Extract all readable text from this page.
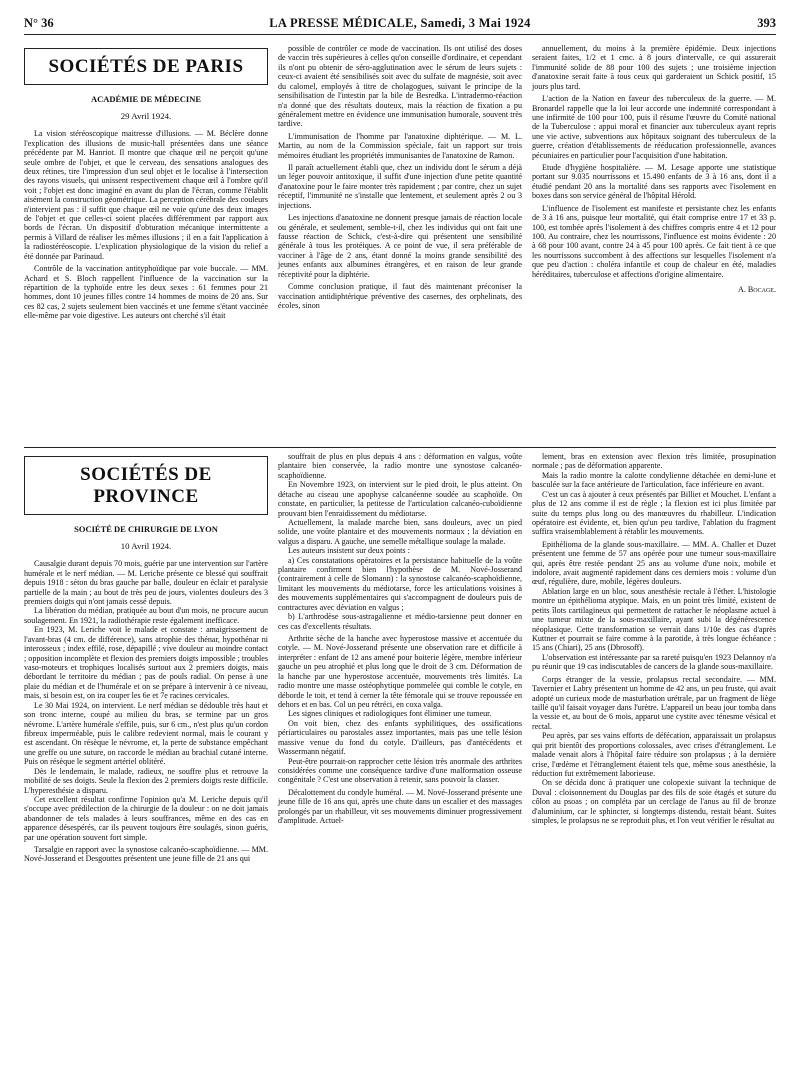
N° 36	LA PRESSE MÉDICALE, Samedi, 3 Mai 1924	393
SOCIÉTÉS DE PARIS
ACADÉMIE DE MÉDECINE
29 Avril 1924.

La vision stéréoscopique maitresse d'illusions. — M. Béclère donne l'explication des illusions de music-hall présentées dans une séance précédente par M. Hanriot. Il montre que chaque œil ne perçoit qu'une seule ombre de l'objet, et que le cerveau, des sensations analogues des deux rétines, tire l'impression d'un seul objet et le localise à l'intersection des rayons visuels, qui unissent respectivement chaque œil à l'ombre qu'il voit ; l'objet est donc imaginé en avant du plan de l'écran, comme l'établit aisément la construction géométrique. La perception cérébrale des couleurs n'intervient pas : il suffit que chaque œil ne voie qu'une des deux images de l'objet et que celles-ci soient placées différemment par rapport aux bords de l'écran. Un dispositif d'obturation mécanique intermittente a permis à Villard de réaliser les mêmes illusions ; il en a fait l'application à la radiostéréoscopie. L'explication physiologique de la vision du relief a été donnée par Parinaud.

Contrôle de la vaccination antityphoïdique par voie buccale. — MM. Achard et S. Bloch rappellent l'influence de la vaccination sur la répartition de la typhoïde entre les deux sexes : 61 femmes pour 21 hommes, dont 10 jeunes filles contre 14 hommes de moins de 20 ans. Sur ces 82 cas, 2 sujets seulement bien vaccinés et une femme s'étant vaccinée elle-même par voie digestive. Les auteurs ont cherché s'il était

possible de contrôler ce mode de vaccination. Ils ont utilisé des doses de vaccin très supérieures à celles qu'on conseille d'ordinaire, et cependant ils n'ont pu obtenir de séro-agglutination avec le sérum de leurs sujets : ceux-ci avaient été sensibilisés soit avec du sulfate de magnésie, soit avec du calomel, employés à titre de cholagogues, suivant le principe de la sensibilisation de l'intestin par la bile de Besredka. L'intradermo-réaction n'a donné que des résultats douteux, mais la réaction de fixation a pu généralement mettre en évidence une immunisation humorale, souvent très tardive.

L'immunisation de l'homme par l'anatoxine diphtérique. — M. L. Martin, au nom de la Commission spéciale, fait un rapport sur trois mémoires étudiant les propriétés immunisantes de l'anatoxine de Ramon.

Il paraît actuellement établi que, chez un individu dont le sérum a déjà un léger pouvoir antitoxique, il suffit d'une injection d'une petite quantité d'anatoxine pour le faire monter très rapidement ; par contre, chez un sujet réceptif, l'immunité ne s'installe que lentement, et seulement après 2 ou 3 injections.

Les injections d'anatoxine ne donnent presque jamais de réaction locale ou générale, et seulement, semble-t-il, chez les individus qui ont fait une fausse réaction de Schick, c'est-à-dire qui présentent une sensibilité générale à tous les protéiques. A ce point de vue, il sera préférable de vacciner à l'âge de 2 ans, étant donné la moins grande sensibilité des jeunes enfants aux albumines étrangères, et en raison de leur grande réceptivité pour la diphtérie.

Comme conclusion pratique, il faut dès maintenant préconiser la vaccination antidiphtérique préventive des casernes, des orphelinats, des écoles, sinon

annuellement, du moins à la première épidémie. Deux injections seraient faites, 1/2 et 1 cmc. à 8 jours d'intervalle, ce qui assurerait l'immunité solide de 88 pour 100 des sujets ; une troisième injection d'anatoxine serait faite à tous ceux qui garderaient un Schick positif, 15 jours plus tard.

L'action de la Nation en faveur des tuberculeux de la guerre. — M. Bronardel rappelle que la loi leur accorde une indemnité correspondant à une infirmité de 100 pour 100, puis il résume l'œuvre du Comité national de la Tuberculose : appui moral et financier aux tuberculeux ayant repris une vie active, subventions aux hôpitaux soignant des tuberculeux de la guerre, création d'établissements de rééducation professionnelle, avances pécuniaires en particulier pour l'acquisition d'une habitation.

Etude d'hygiène hospitalière. — M. Lesage apporte une statistique portant sur 9.035 nourrissons et 15.490 enfants de 3 à 16 ans, dont il a étudié pendant 20 ans la mortalité dans ses rapports avec l'isolement en boxes dans son service général de l'hôpital Hérold.

L'influence de l'isolement est manifeste et persistante chez les enfants de 3 à 16 ans, puisque leur mortalité, qui était comprise entre 17 et 33 p. 100, est tombée après l'isolement à des chiffres compris entre 4 et 12 pour 100. Au contraire, chez les nourrissons, l'influence est moins évidente : 20 à 68 pour 100 avant, contre 24 à 45 pour 100 après. Ce fait tient à ce que les nourrissons succombent à des affections sur lesquelles l'isolement n'a que peu d'action : choléra infantile et coup de chaleur en été, maladies héréditaires, tuberculose et affections d'origine alimentaire.

A. Bocage.
SOCIÉTÉS DE PROVINCE
SOCIÉTÉ DE CHIRURGIE DE LYON
10 Avril 1924.

Causalgie durant depuis 70 mois, guérie par une intervention sur l'artère humérale et le nerf médian. — M. Leriche présente ce blessé qui souffrait depuis 1918 : séton du bras gauche par balle, douleur en éclair et paralysie partielle de la main ; au bout de très peu de jours, violentes douleurs des 3 premiers doigts qui n'ont jamais cessé depuis.

La libération du médian, pratiquée au bout d'un mois, ne procure aucun soulagement. En 1921, la radiothérapie reste également inefficace.

En 1923, M. Leriche voit le malade et constate : amaigrissement de l'avant-bras (4 cm. de différence), sans atrophie des thénar, hypothénar ni interosseux ; index effilé, rose, dépapillé ; vive douleur au moindre contact ; opposition incomplète et flexion des premiers doigts impossible ; troubles vaso-moteurs et trophiques localisés surtout aux 2 premiers doigts, mais débordant le territoire du médian ; pas de pouls radial. On pense à une plaie du médian et de l'humérale et on se prépare à intervenir à ce niveau, mais, si besoin est, on ira couper les 6e et 7e racines cervicales.

Le 30 Mai 1924, on intervient. Le nerf médian se dédouble très haut et son tronc interne, coupé au milieu du bras, se termine par un gros névrome. L'artère humérale s'effile, puis, sur 6 cm., n'est plus qu'un cordon fibreux imperméable, puis le calibre redevient normal, mais le courant y est ascendant. On résèque le névrome, et, la perte de substance empêchant une greffe ou une suture, on raccorde le médian au brachial cutané interne. Puis on résèque le segment artériel oblitéré.

Dès le lendemain, le malade, radieux, ne souffre plus et retrouve la mobilité de ses doigts. Seule la flexion des 2 premiers doigts reste difficile. L'hyperesthésie a disparu.

Cet excellent résultat confirme l'opinion qu'a M. Leriche depuis qu'il s'occupe avec prédilection de la chirurgie de la douleur : on ne doit jamais abandonner de tels malades à leurs souffrances, même en des cas en apparence désespérés, car ils peuvent toujours être soulagés, sinon guéris, par une opération souvent fort simple.

Tarsalgie en rapport avec la synostose calcanéo-scaphoïdienne. — MM. Nové-Josserand et Desgouttes présentent une jeune fille de 21 ans qui

souffrait de plus en plus depuis 4 ans : déformation en valgus, voûte plantaire bien conservée, la radio montre une synostose calcanéo-scaphoïdienne.

En Novembre 1923, on intervient sur le pied droit, le plus atteint. On détache au ciseau une apophyse calcanéenne soudée au scaphoïde. On constate, en particulier, la petitesse de l'articulation calcanéo-cuboïdienne prouvant bien l'enraidissement du médiotarse.

Actuellement, la malade marche bien, sans douleurs, avec un pied solide, une voûte plantaire et des mouvements normaux ; la déviation en valgus a disparu. A gauche, une semelle métallique soulage la malade.

Les auteurs insistent sur deux points :

a) Ces constatations opératoires et la persistance habituelle de la voûte plantaire confirment bien l'hypothèse de M. Nové-Josserand (contrairement à celle de Slomann) : la synostose calcanéo-scaphoïdienne, limitant les mouvements du médiotarse, force les articulations voisines à des mouvements supplémentaires qui s'accompagnent de douleurs puis de contractures avec déviation en valgus ;

b) L'arthrodèse sous-astragalienne et médio-tarsienne peut donner en ces cas d'excellents résultats.

Arthrite sèche de la hanche avec hyperostose massive et accentuée du cotyle. — M. Nové-Josserand présente une observation rare et difficile à interpréter : enfant de 12 ans amené pour boiterie légère, membre inférieur gauche un peu atrophié et plus long que le droit de 3 cm. Déformation de la hanche par une hyperostose accentuée, mouvements très limités. La radio montre une masse ostéophytique pommelée qui comble le cotyle, en déborde le toit, et tend à cerner la tête fémorale qui se trouve repoussée en dehors et en bas. Col un peu rétréci, en coxa valga.

Les signes cliniques et radiologiques font éliminer une tumeur.

On voit bien, chez des enfants syphilitiques, des ossifications périarticulaires ou parostales assez importantes, mais pas une telle lésion massive venue du fond du cotyle. D'ailleurs, pas d'antécédents et Wassermann négatif.

Peut-être pourrait-on rapprocher cette lésion très anormale des arthrites considérées comme une conséquence tardive d'une malformation osseuse congénitale ? C'est une observation à retenir, sans pouvoir la classer.

Décalottement du condyle huméral. — M. Nové-Josserand présente une jeune fille de 16 ans qui, après une chute dans un escalier et des massages prolongés par un rhabilleur, vit ses mouvements diminuer progressivement d'amplitude. Actuel-

lement, bras en extension avec flexion très limitée, prosupination normale ; pas de déformation apparente.

Mais la radio montre la calotte condylienne détachée en demi-lune et basculée sur la face antérieure de l'articulation, face inférieure en avant.

C'est un cas à ajouter à ceux présentés par Billiet et Mouchet. L'enfant a plus de 12 ans comme il est de règle ; la flexion est ici plus limitée par suite du temps plus long ou des manœuvres du rhabilleur. L'indication opératoire est évidente, et, bien qu'un peu tardive, l'ablation du fragment suffira vraisemblablement à rétablir les mouvements.

Epithélioma de la glande sous-maxillaire. — MM. A. Challer et Duzet présentent une femme de 57 ans opérée pour une tumeur sous-maxillaire qui, après être restée pendant 25 ans au volume d'une noix, mobile et indolore, avait augmenté rapidement dans ces derniers mois : volume d'un œuf, régulière, dure, mobile, légères douleurs.

Ablation large en un bloc, sous anesthésie rectale à l'éther. L'histologie montre un épithélioma atypique. Mais, en un point très limité, existent de petits îlots cartilagineux qui permettent de rattacher le néoplasme actuel à une tumeur mixte de la sous-maxillaire, ayant subi la dégénérescence néoplasique. Cette transformation se verrait dans 1/10e des cas d'après Kuttner et pourrait se faire comme à la parotide, à très longue échéance : 15 ans (Chiari), 25 ans (Dbrosoff).

L'observation est intéressante par sa rareté puisqu'en 1923 Delannoy n'a pu réunir que 19 cas indiscutables de cancers de la glande sous-maxillaire.

Corps étranger de la vessie, prolapsus rectal secondaire. — MM. Tavernier et Labry présentent un homme de 42 ans, un peu fruste, qui avait adopté un curieux mode de masturbation urétrale, par un fragment de liège taillé qu'il faisait voyager dans l'urètre. L'appareil un beau jour tomba dans la vessie et, au bout de 6 mois, apparut une cystite avec ténesme vésical et rectal.

Peu après, par ses vains efforts de défécation, apparaissait un prolapsus qui prit bientôt des proportions colossales, avec crises d'étranglement. Le malade venait alors à l'hôpital faire réduire son prolapsus ; à la dernière crise, l'œdème et l'étranglement étaient tels que, même sous anesthésie, la réduction fut extrêmement laborieuse.

On se décida donc à pratiquer une colopexie suivant la technique de Duval : cloisonnement du Douglas par des fils de soie étagés et suture du côlon au psoas ; on compléta par un cerclage de l'anus au fil de bronze d'aluminium, car le sphincter, si longtemps distendu, restait béant. Suites simples, le prolapsus ne se reproduit plus, et l'on veut vérifier le résultat au
